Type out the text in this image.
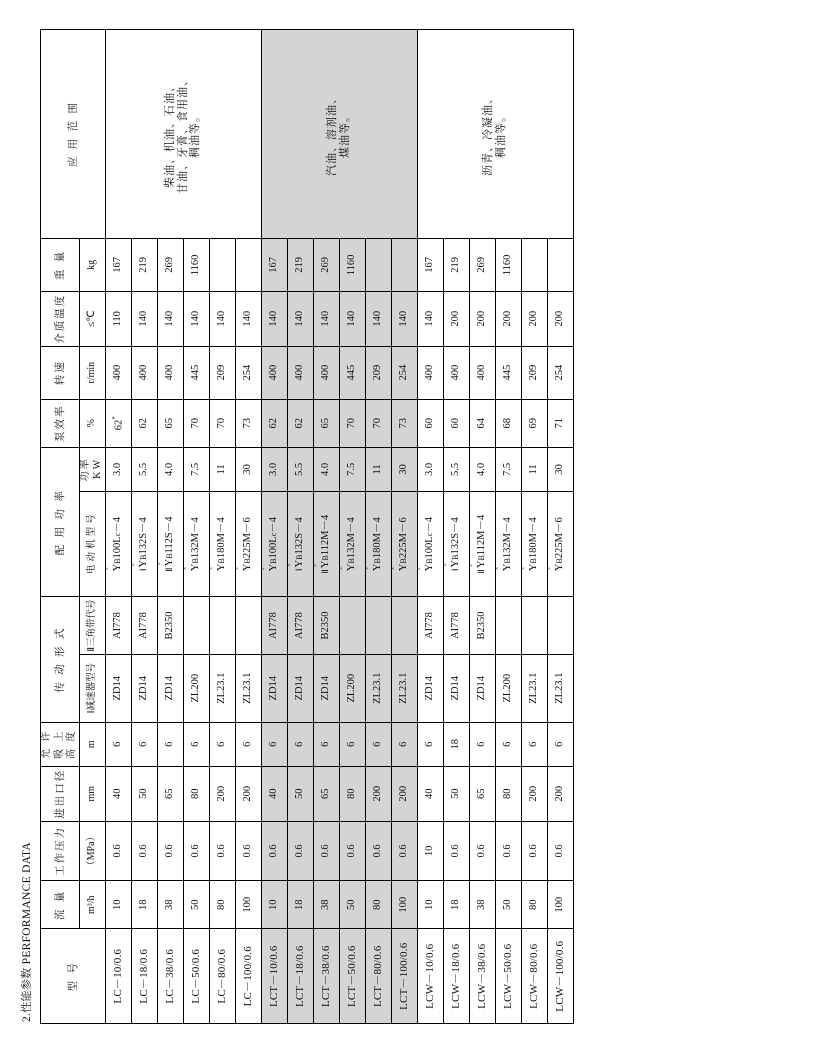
2.性能参数 PERFORMANCE DATA
型 号	流 量	工作压力	进出口径	允 许 吸 上 高 度	传 动 形 式		配 用 功 率		泵效率	转速	介质温度	重 量	应 用 范 围
	m³/h	（MPa）	mm	m	Ⅰ减速器型号	Ⅱ三角带代号	电 动 机 型 号	功率 K W	%	r/min	≤℃	kg	
LC－10/0.6	10	0.6	40	6	ZD14	AI778	× YB100Lc－4	3.0	62*	400	110	167	柴油、机油、石油、 甘油、牙膏、食用油、 稠油等。

LC－18/0.6	18	0.6	50	6	ZD14	AI778	Ⅰ× YB132S－4	5.5	62	400	140	219	
LC－38/0.6	38	0.6	65	6	ZD14	B2350	Ⅱ× YB112S－4	4.0	65	400	140	269	
LC－50/0.6	50	0.6	80	6	ZL200		× YB132M－4	7.5	70	445	140	1160	
LC－80/0.6	80	0.6	200	6	ZL23.1		× YB180M－4	11	70	209	140		
LC－100/0.6	100	0.6	200	6	ZL23.1		× YB225M－6	30	73	254	140		
LCT－10/0.6	10	0.6	40	6	ZD14	AI778	× YB100Lc－4	3.0	62	400	140	167	汽油、溶剂油、 煤油等。

LCT－18/0.6	18	0.6	50	6	ZD14	AI778	Ⅰ× YB132S－4	5.5	62	400	140	219	
LCT－38/0.6	38	0.6	65	6	ZD14	B2350	Ⅱ× YB112M－4	4.0	65	400	140	269	
LCT－50/0.6	50	0.6	80	6	ZL200		× YB132M－4	7.5	70	445	140	1160	
LCT－80/0.6	80	0.6	200	6	ZL23.1		× YB180M－4	11	70	209	140		
LCT－100/0.6	100	0.6	200	6	ZL23.1		× YB225M－6	30	73	254	140		
LCW－10/0.6	10	10	40	6	ZD14	AI778	× YB100Lc－4	3.0	60	400	140	167	沥青、冷凝油、 稠油等。

LCW－18/0.6	18	0.6	50	18	ZD14	AI778	Ⅰ× YB132S－4	5.5	60	400	200	219	
LCW－38/0.6	38	0.6	65	6	ZD14	B2350	Ⅱ× YB112M－4	4.0	64	400	200	269	
LCW－50/0.6	50	0.6	80	6	ZL200		× YB132M－4	7.5	68	445	200	1160	
LCW－80/0.6	80	0.6	200	6	ZL23.1		× YB180M－4	11	69	209	200		
LCW－100/0.6	100	0.6	200	6	ZL23.1		× YB225M－6	30	71	254	200		
